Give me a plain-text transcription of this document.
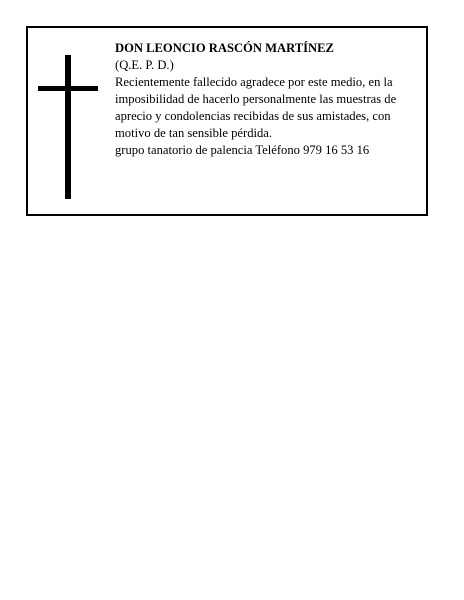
DON LEONCIO RASCÓN MARTÍNEZ

(Q.E. P. D.)

Recientemente fallecido agradece por este medio, en la imposibilidad de hacerlo personalmente las muestras de aprecio y condolencias recibidas de sus amistades, con motivo de tan sensible pérdida.

grupo tanatorio de palencia Teléfono 979 16 53 16
